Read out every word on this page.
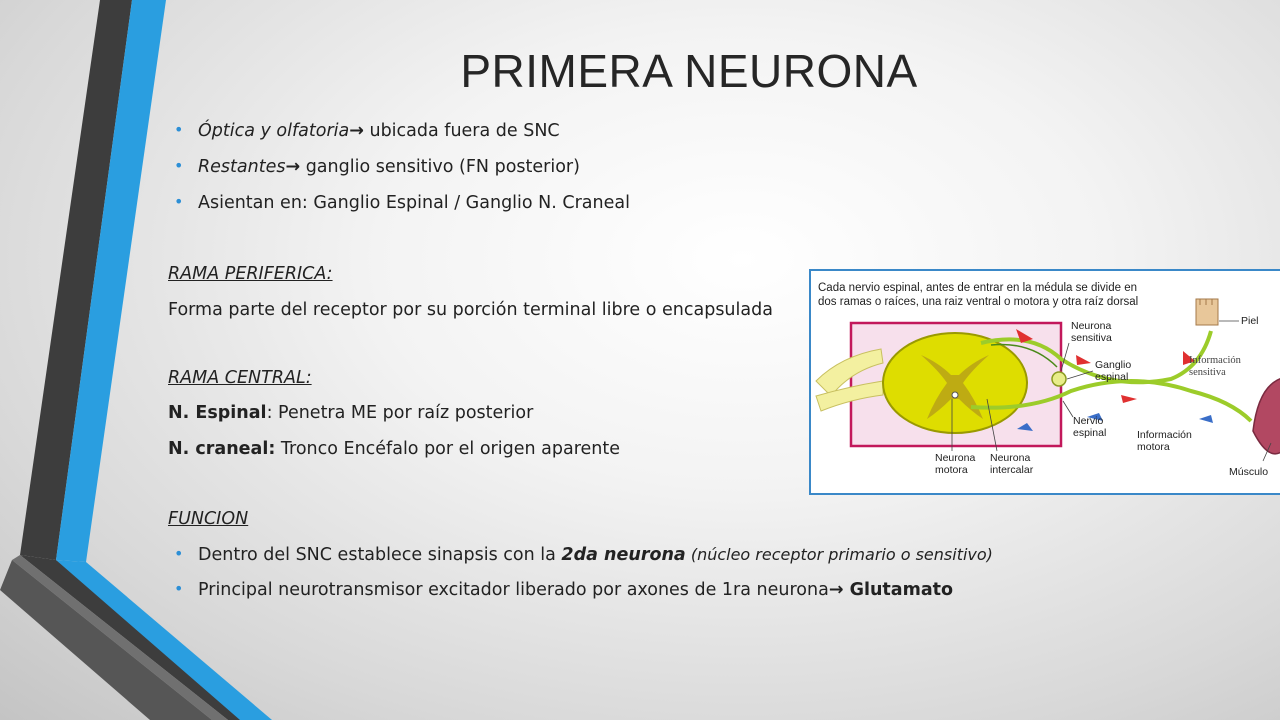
PRIMERA NEURONA
• Óptica y olfatoria→ ubicada fuera de SNC
• Restantes→ ganglio sensitivo (FN posterior)
• Asientan en: Ganglio Espinal / Ganglio N. Craneal
RAMA PERIFERICA:
Forma parte del receptor por su porción terminal libre o encapsulada
RAMA CENTRAL:
N. Espinal: Penetra ME por raíz posterior
N. craneal: Tronco Encéfalo por el origen aparente
FUNCION
• Dentro del SNC establece sinapsis con la 2da neurona (núcleo receptor primario o sensitivo)
• Principal neurotransmisor excitador liberado por axones de 1ra neurona→ Glutamato
Cada nervio espinal, antes de entrar en la médula se divide en
dos ramas o raíces, una raiz ventral o motora y otra raíz dorsal
Neurona
sensitiva
Ganglio
espinal
Nervio
espinal
Neurona
motora
Neurona
intercalar
Información
motora
Piel
Información
sensitiva
Músculo
